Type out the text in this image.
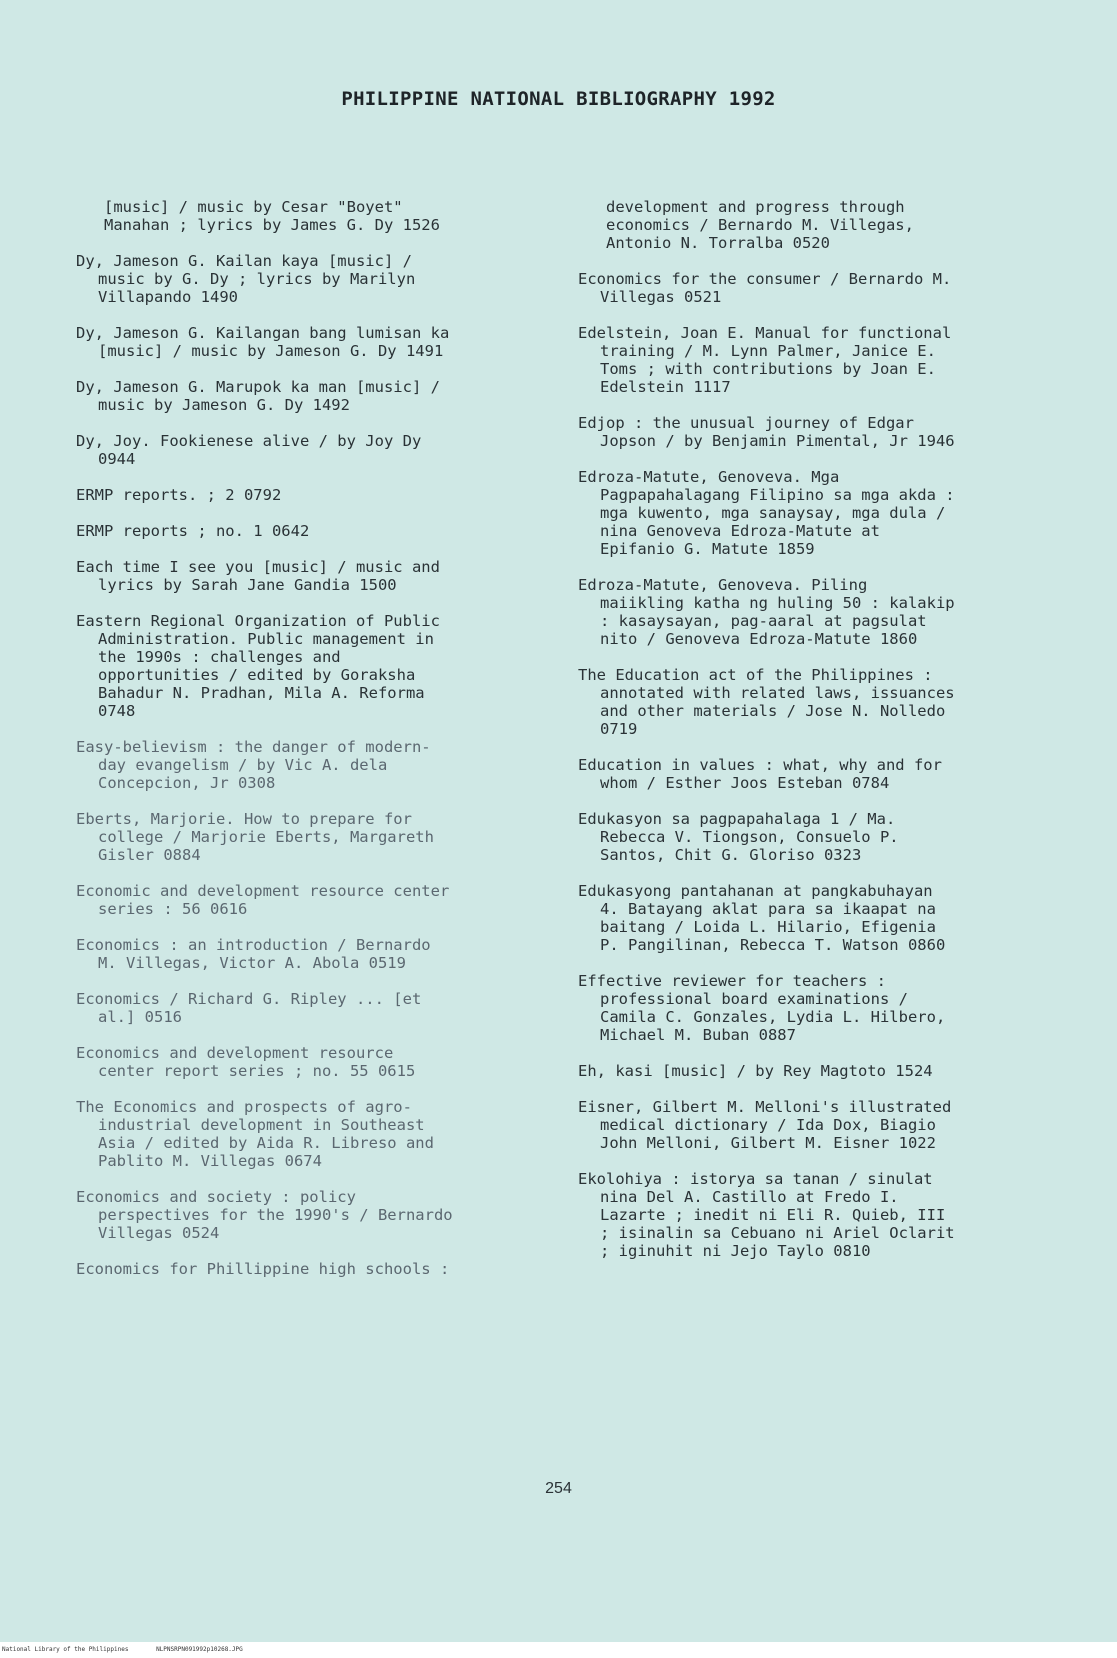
PHILIPPINE NATIONAL BIBLIOGRAPHY 1992

[music] / music by Cesar "Boyet"
Manahan ; lyrics by James G. Dy 1526

Dy, Jameson G. Kailan kaya [music] /
music by G. Dy ; lyrics by Marilyn
Villapando 1490

Dy, Jameson G. Kailangan bang lumisan ka
[music] / music by Jameson G. Dy 1491

Dy, Jameson G. Marupok ka man [music] /
music by Jameson G. Dy 1492

Dy, Joy. Fookienese alive / by Joy Dy
0944

ERMP reports. ; 2 0792

ERMP reports ; no. 1 0642

Each time I see you [music] / music and
lyrics by Sarah Jane Gandia 1500

Eastern Regional Organization of Public
Administration. Public management in
the 1990s : challenges and
opportunities / edited by Goraksha
Bahadur N. Pradhan, Mila A. Reforma
0748

Easy-believism : the danger of modern-
day evangelism / by Vic A. dela
Concepcion, Jr 0308

Eberts, Marjorie. How to prepare for
college / Marjorie Eberts, Margareth
Gisler 0884

Economic and development resource center
series : 56 0616

Economics : an introduction / Bernardo
M. Villegas, Victor A. Abola 0519

Economics / Richard G. Ripley ... [et
al.] 0516

Economics and development resource
center report series ; no. 55 0615

The Economics and prospects of agro-
industrial development in Southeast
Asia / edited by Aida R. Libreso and
Pablito M. Villegas 0674

Economics and society : policy
perspectives for the 1990's / Bernardo
Villegas 0524

Economics for Phillippine high schools :

development and progress through
economics / Bernardo M. Villegas,
Antonio N. Torralba 0520

Economics for the consumer / Bernardo M.
Villegas 0521

Edelstein, Joan E. Manual for functional
training / M. Lynn Palmer, Janice E.
Toms ; with contributions by Joan E.
Edelstein 1117

Edjop : the unusual journey of Edgar
Jopson / by Benjamin Pimental, Jr 1946

Edroza-Matute, Genoveva. Mga
Pagpapahalagang Filipino sa mga akda :
mga kuwento, mga sanaysay, mga dula /
nina Genoveva Edroza-Matute at
Epifanio G. Matute 1859

Edroza-Matute, Genoveva. Piling
maiikling katha ng huling 50 : kalakip
: kasaysayan, pag-aaral at pagsulat
nito / Genoveva Edroza-Matute 1860

The Education act of the Philippines :
annotated with related laws, issuances
and other materials / Jose N. Nolledo
0719

Education in values : what, why and for
whom / Esther Joos Esteban 0784

Edukasyon sa pagpapahalaga 1 / Ma.
Rebecca V. Tiongson, Consuelo P.
Santos, Chit G. Gloriso 0323

Edukasyong pantahanan at pangkabuhayan
4. Batayang aklat para sa ikaapat na
baitang / Loida L. Hilario, Efigenia
P. Pangilinan, Rebecca T. Watson 0860

Effective reviewer for teachers :
professional board examinations /
Camila C. Gonzales, Lydia L. Hilbero,
Michael M. Buban 0887

Eh, kasi [music] / by Rey Magtoto 1524

Eisner, Gilbert M. Melloni's illustrated
medical dictionary / Ida Dox, Biagio
John Melloni, Gilbert M. Eisner 1022

Ekolohiya : istorya sa tanan / sinulat
nina Del A. Castillo at Fredo I.
Lazarte ; inedit ni Eli R. Quieb, III
; isinalin sa Cebuano ni Ariel Oclarit
; iginuhit ni Jejo Taylo 0810

254
National Library of the Philippines	NLPNSRPN091992p10268.JPG
